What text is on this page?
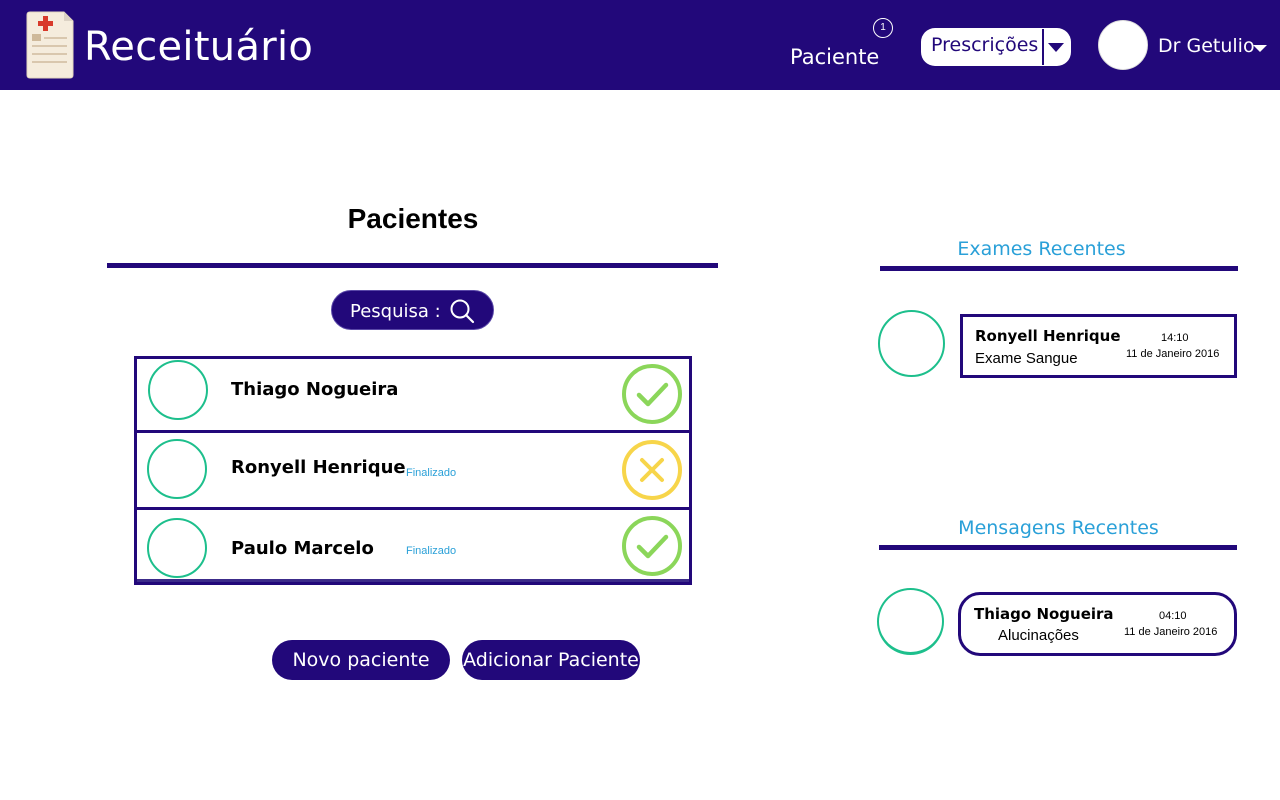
Receituário	Paciente
1
Prescrições	Dr Getulio
Pacientes
Pesquisa :
Thiago Nogueira
Ronyell Henrique Finalizado
Paulo Marcelo	Finalizado
Novo paciente	Adicionar Paciente
Exames Recentes
Ronyell Henrique
Exame Sangue
14:10
11 de Janeiro 2016
Mensagens Recentes
Thiago Nogueira
Alucinações
04:10
11 de Janeiro 2016
